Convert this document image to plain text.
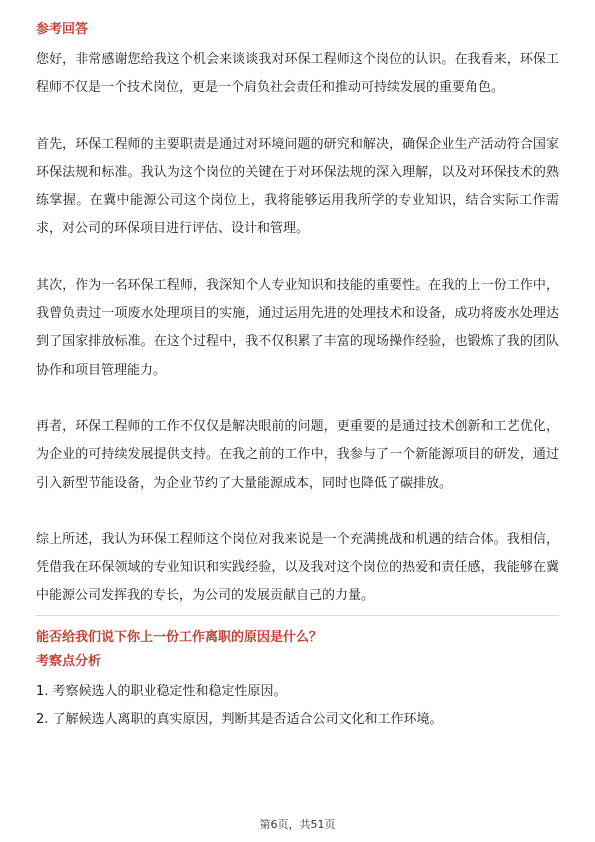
参考回答

您好，非常感谢您给我这个机会来谈谈我对环保工程师这个岗位的认识。在我看来，环保工程师不仅是一个技术岗位，更是一个肩负社会责任和推动可持续发展的重要角色。

首先，环保工程师的主要职责是通过对环境问题的研究和解决，确保企业生产活动符合国家环保法规和标准。我认为这个岗位的关键在于对环保法规的深入理解，以及对环保技术的熟练掌握。在冀中能源公司这个岗位上，我将能够运用我所学的专业知识，结合实际工作需求，对公司的环保项目进行评估、设计和管理。

其次，作为一名环保工程师，我深知个人专业知识和技能的重要性。在我的上一份工作中，我曾负责过一项废水处理项目的实施，通过运用先进的处理技术和设备，成功将废水处理达到了国家排放标准。在这个过程中，我不仅积累了丰富的现场操作经验，也锻炼了我的团队协作和项目管理能力。

再者，环保工程师的工作不仅仅是解决眼前的问题，更重要的是通过技术创新和工艺优化，为企业的可持续发展提供支持。在我之前的工作中，我参与了一个新能源项目的研发，通过引入新型节能设备，为企业节约了大量能源成本，同时也降低了碳排放。

综上所述，我认为环保工程师这个岗位对我来说是一个充满挑战和机遇的结合体。我相信，凭借我在环保领域的专业知识和实践经验，以及我对这个岗位的热爱和责任感，我能够在冀中能源公司发挥我的专长，为公司的发展贡献自己的力量。

能否给我们说下你上一份工作离职的原因是什么？
考察点分析

1. 考察候选人的职业稳定性和稳定性原因。

2. 了解候选人离职的真实原因，判断其是否适合公司文化和工作环境。

第6页，共51页
